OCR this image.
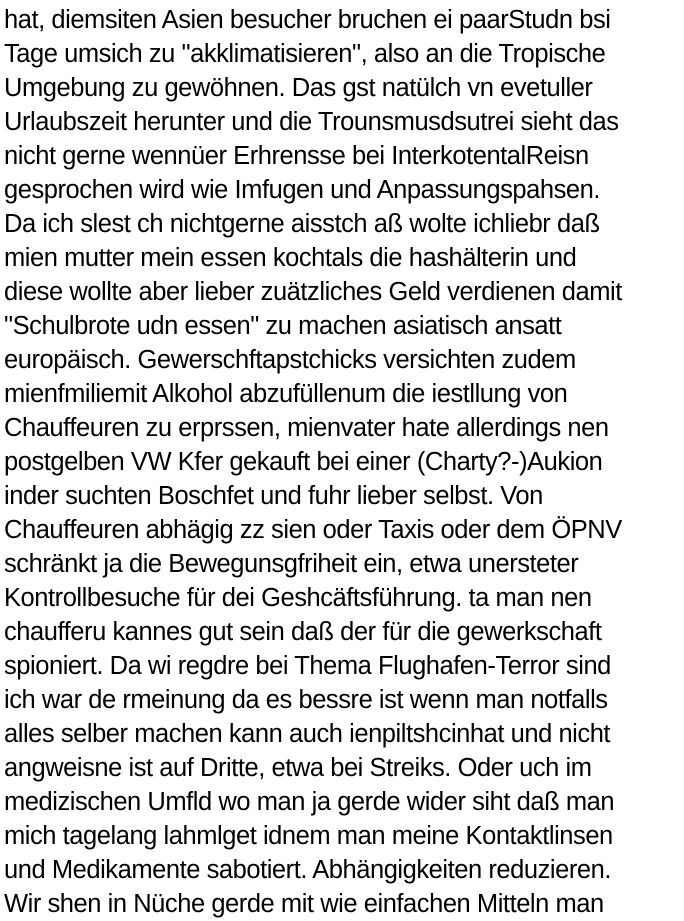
hat, diemsiten Asien besucher bruchen ei paarStudn bsi
Tage umsich zu "akklimatisieren", also an die Tropische
Umgebung zu gewöhnen. Das gst natülch vn evetuller
Urlaubszeit herunter und die Trounsmusdsutrei sieht das
nicht gerne wennüer Erhrensse bei InterkotentalReisn
gesprochen wird wie Imfugen und Anpassungspahsen.
Da ich slest ch nichtgerne aisstch aß wolte ichliebr daß
mien mutter mein essen kochtals die hashälterin und
diese wollte aber lieber zuätzliches Geld verdienen damit
"Schulbrote udn essen" zu machen asiatisch ansatt
europäisch. Gewerschftapstchicks versichten zudem
mienfmiliemit Alkohol abzufüllenum die iestllung von
Chauffeuren zu erprssen, mienvater hate allerdings nen
postgelben VW Kfer gekauft bei einer (Charty?-)Aukion
inder suchten Boschfet und fuhr lieber selbst. Von
Chauffeuren abhägig zz sien oder Taxis oder dem ÖPNV
schränkt ja die Bewegunsgfriheit ein, etwa unersteter
Kontrollbesuche für dei Geshcäftsführung. ta man nen
chaufferu kannes gut sein daß der für die gewerkschaft
spioniert. Da wi regdre bei Thema Flughafen-Terror sind
ich war de rmeinung da es bessre ist wenn man notfalls
alles selber machen kann auch ienpiltshcinhat und nicht
angweisne ist auf Dritte, etwa bei Streiks. Oder uch im
medizischen Umfld wo man ja gerde wider siht daß man
mich tagelang lahmlget idnem man meine Kontaktlinsen
und Medikamente sabotiert. Abhängigkeiten reduzieren.
Wir shen in Nüche gerde mit wie einfachen Mitteln man
